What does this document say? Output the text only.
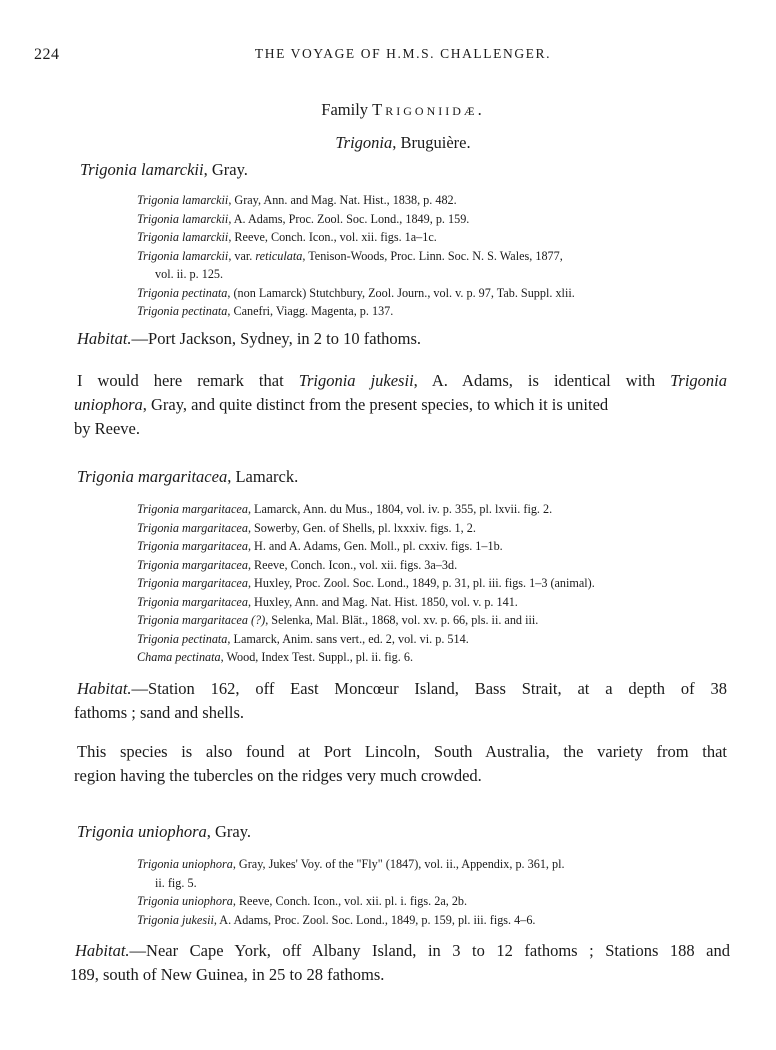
224	THE VOYAGE OF H.M.S. CHALLENGER.
Family Trigoniidæ.
Trigonia, Bruguière.
Trigonia lamarckii, Gray.
Trigonia lamarckii, Gray, Ann. and Mag. Nat. Hist., 1838, p. 482.
Trigonia lamarckii, A. Adams, Proc. Zool. Soc. Lond., 1849, p. 159.
Trigonia lamarckii, Reeve, Conch. Icon., vol. xii. figs. 1a–1c.
Trigonia lamarckii, var. reticulata, Tenison-Woods, Proc. Linn. Soc. N. S. Wales, 1877,
vol. ii. p. 125.
Trigonia pectinata, (non Lamarck) Stutchbury, Zool. Journ., vol. v. p. 97, Tab. Suppl. xlii.
Trigonia pectinata, Canefri, Viagg. Magenta, p. 137.
Habitat.—Port Jackson, Sydney, in 2 to 10 fathoms.
I would here remark that Trigonia jukesii, A. Adams, is identical with Trigonia
uniophora, Gray, and quite distinct from the present species, to which it is united
by Reeve.
Trigonia margaritacea, Lamarck.
Trigonia margaritacea, Lamarck, Ann. du Mus., 1804, vol. iv. p. 355, pl. lxvii. fig. 2.
Trigonia margaritacea, Sowerby, Gen. of Shells, pl. lxxxiv. figs. 1, 2.
Trigonia margaritacea, H. and A. Adams, Gen. Moll., pl. cxxiv. figs. 1–1b.
Trigonia margaritacea, Reeve, Conch. Icon., vol. xii. figs. 3a–3d.
Trigonia margaritacea, Huxley, Proc. Zool. Soc. Lond., 1849, p. 31, pl. iii. figs. 1–3 (animal).
Trigonia margaritacea, Huxley, Ann. and Mag. Nat. Hist. 1850, vol. v. p. 141.
Trigonia margaritacea (?), Selenka, Mal. Blät., 1868, vol. xv. p. 66, pls. ii. and iii.
Trigonia pectinata, Lamarck, Anim. sans vert., ed. 2, vol. vi. p. 514.
Chama pectinata, Wood, Index Test. Suppl., pl. ii. fig. 6.
Habitat.—Station 162, off East Moncœur Island, Bass Strait, at a depth of 38
fathoms ; sand and shells.
This species is also found at Port Lincoln, South Australia, the variety from that
region having the tubercles on the ridges very much crowded.
Trigonia uniophora, Gray.
Trigonia uniophora, Gray, Jukes' Voy. of the "Fly" (1847), vol. ii., Appendix, p. 361, pl.
ii. fig. 5.
Trigonia uniophora, Reeve, Conch. Icon., vol. xii. pl. i. figs. 2a, 2b.
Trigonia jukesii, A. Adams, Proc. Zool. Soc. Lond., 1849, p. 159, pl. iii. figs. 4–6.
Habitat.—Near Cape York, off Albany Island, in 3 to 12 fathoms ; Stations 188 and
189, south of New Guinea, in 25 to 28 fathoms.
